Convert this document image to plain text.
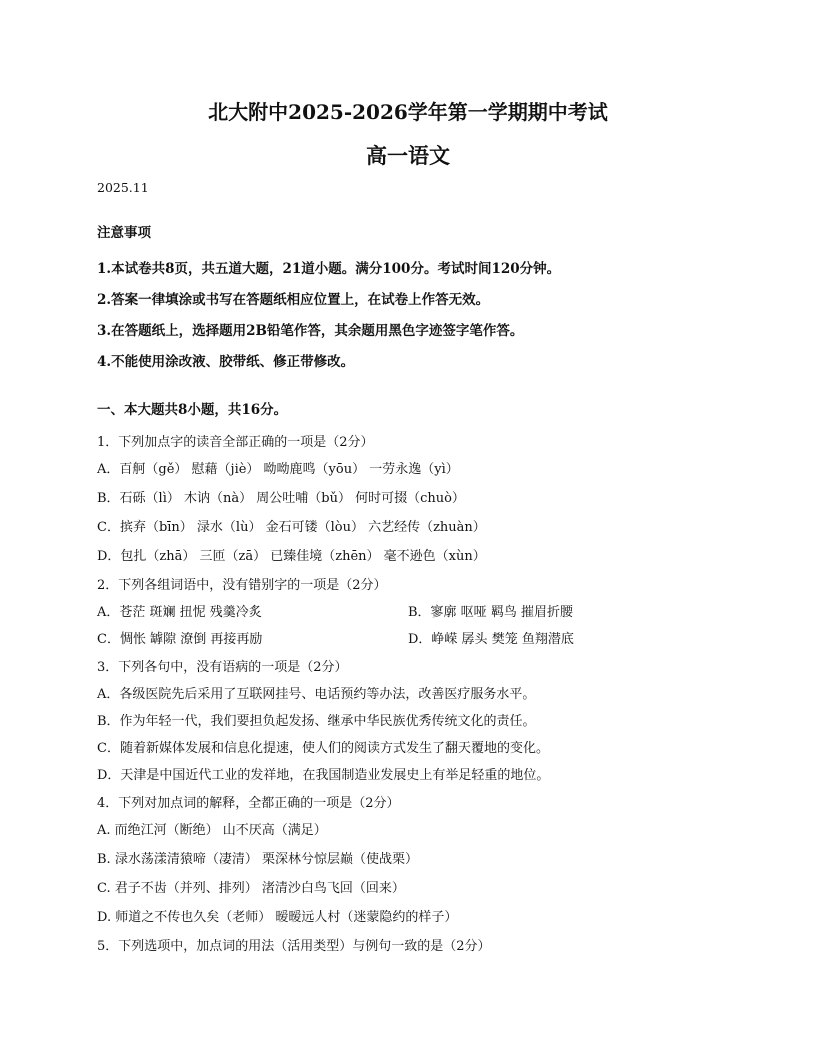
北大附中2025-2026学年第一学期期中考试
高一语文
2025.11
注意事项
1.本试卷共8页，共五道大题，21道小题。满分100分。考试时间120分钟。
2.答案一律填涂或书写在答题纸相应位置上，在试卷上作答无效。
3.在答题纸上，选择题用2B铅笔作答，其余题用黑色字迹签字笔作答。
4.不能使用涂改液、胶带纸、修正带修改。
一、本大题共8小题，共16分。
1．下列加点字的读音全部正确的一项是（2分）
A．百舸（gě） 慰藉（jiè） 呦呦鹿鸣（yōu） 一劳永逸（yì）
B．石砾（lì） 木讷（nà） 周公吐哺（bǔ） 何时可掇（chuò）
C．摈弃（bīn） 渌水（lù） 金石可镂（lòu） 六艺经传（zhuàn）
D．包扎（zhā） 三匝（zā） 已臻佳境（zhēn） 毫不逊色（xùn）
2．下列各组词语中，没有错别字的一项是（2分）
A．苍茫 斑斓 扭怩 残羹冷炙	B．寥廓 呕哑 羁鸟 摧眉折腰
C．惆怅 罅隙 潦倒 再接再励	D．峥嵘 孱头 樊笼 鱼翔潜底
3．下列各句中，没有语病的一项是（2分）
A．各级医院先后采用了互联网挂号、电话预约等办法，改善医疗服务水平。
B．作为年轻一代，我们要担负起发扬、继承中华民族优秀传统文化的责任。
C．随着新媒体发展和信息化提速，使人们的阅读方式发生了翻天覆地的变化。
D．天津是中国近代工业的发祥地，在我国制造业发展史上有举足轻重的地位。
4．下列对加点词的解释，全都正确的一项是（2分）
A. 而绝江河（断绝） 山不厌高（满足）
B. 渌水荡漾清猿啼（凄清） 栗深林兮惊层巅（使战栗）
C. 君子不齿（并列、排列） 渚清沙白鸟飞回（回来）
D. 师道之不传也久矣（老师） 暧暧远人村（迷蒙隐约的样子）
5．下列选项中，加点词的用法（活用类型）与例句一致的是（2分）
